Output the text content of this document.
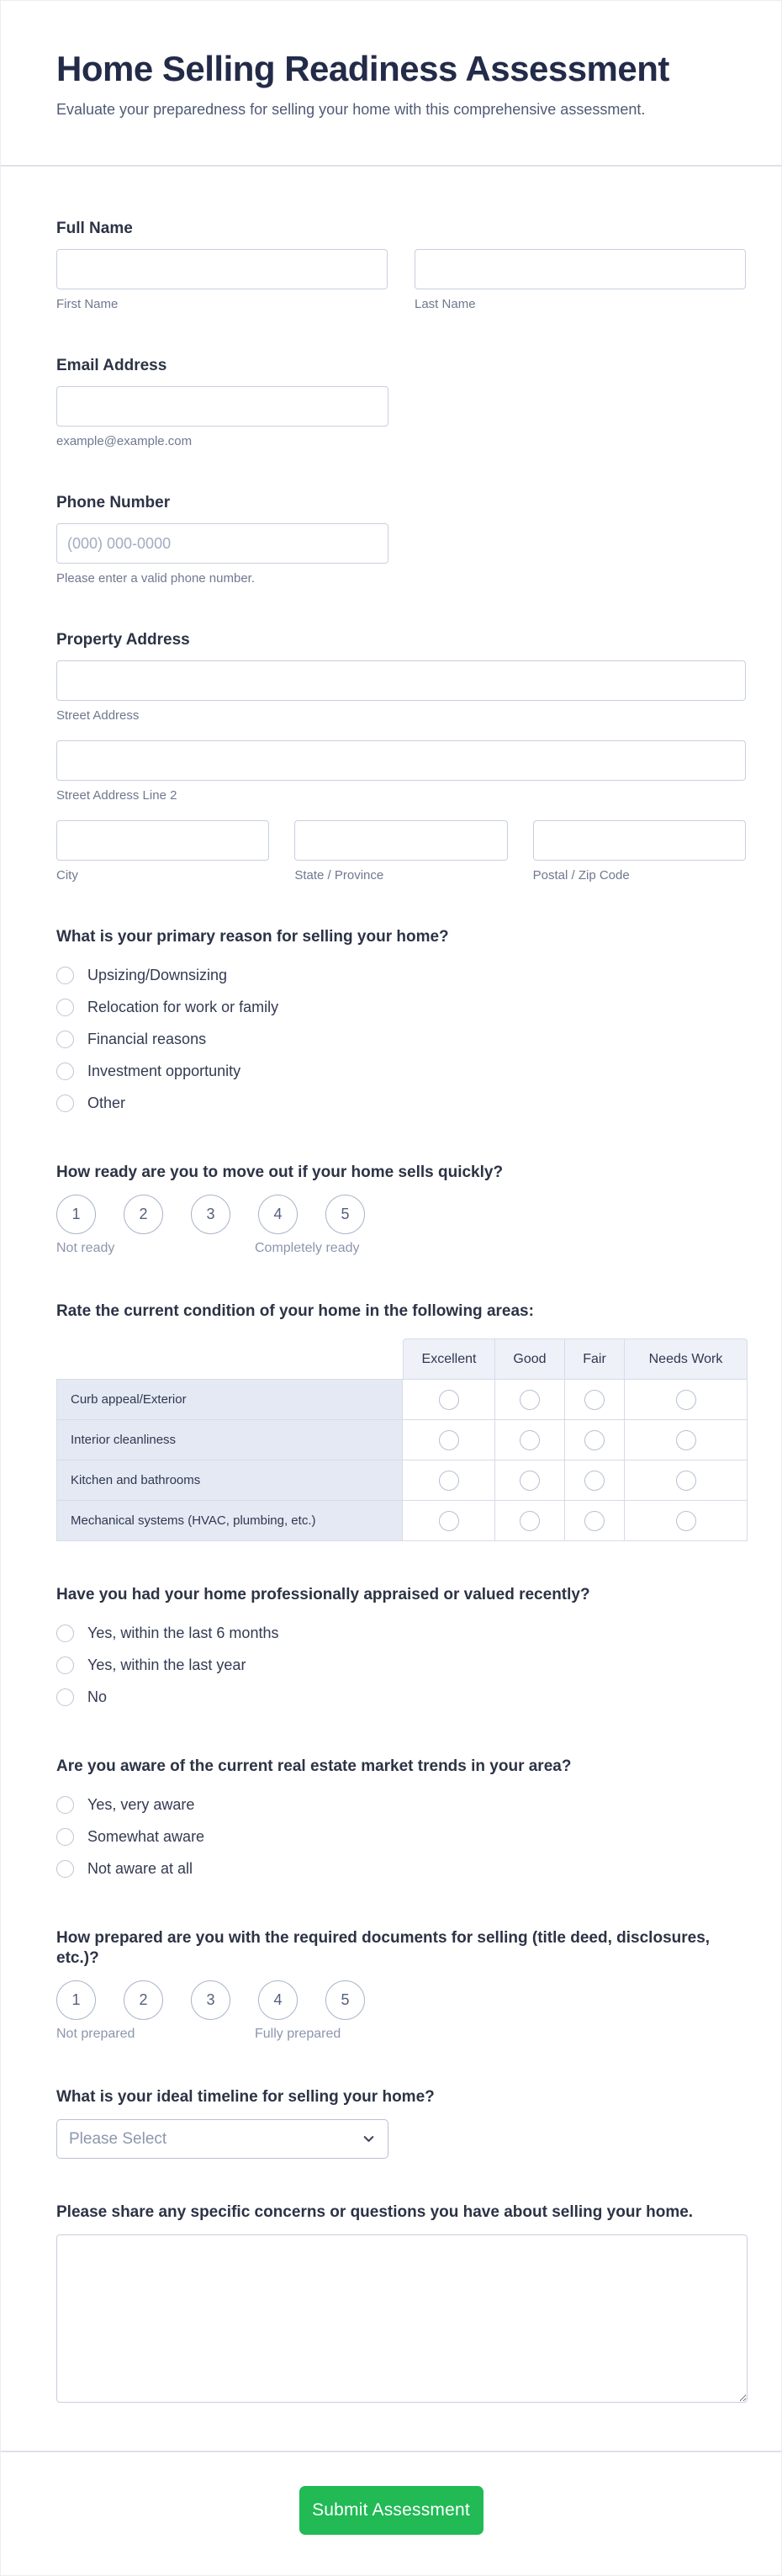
Home Selling Readiness Assessment
Evaluate your preparedness for selling your home with this comprehensive assessment.
Full Name
First Name	Last Name
Email Address
example@example.com
Phone Number
(000) 000-0000
Please enter a valid phone number.
Property Address
Street Address
Street Address Line 2
City	State / Province	Postal / Zip Code
What is your primary reason for selling your home?
Upsizing/Downsizing
Relocation for work or family
Financial reasons
Investment opportunity
Other
How ready are you to move out if your home sells quickly?
1	2	3	4	5
Not ready	Completely ready
Rate the current condition of your home in the following areas:
Excellent	Good	Fair	Needs Work
Curb appeal/Exterior
Interior cleanliness
Kitchen and bathrooms
Mechanical systems (HVAC, plumbing, etc.)
Have you had your home professionally appraised or valued recently?
Yes, within the last 6 months
Yes, within the last year
No
Are you aware of the current real estate market trends in your area?
Yes, very aware
Somewhat aware
Not aware at all
How prepared are you with the required documents for selling (title deed, disclosures, etc.)?
1	2	3	4	5
Not prepared	Fully prepared
What is your ideal timeline for selling your home?
Please Select
Please share any specific concerns or questions you have about selling your home.
Submit Assessment
